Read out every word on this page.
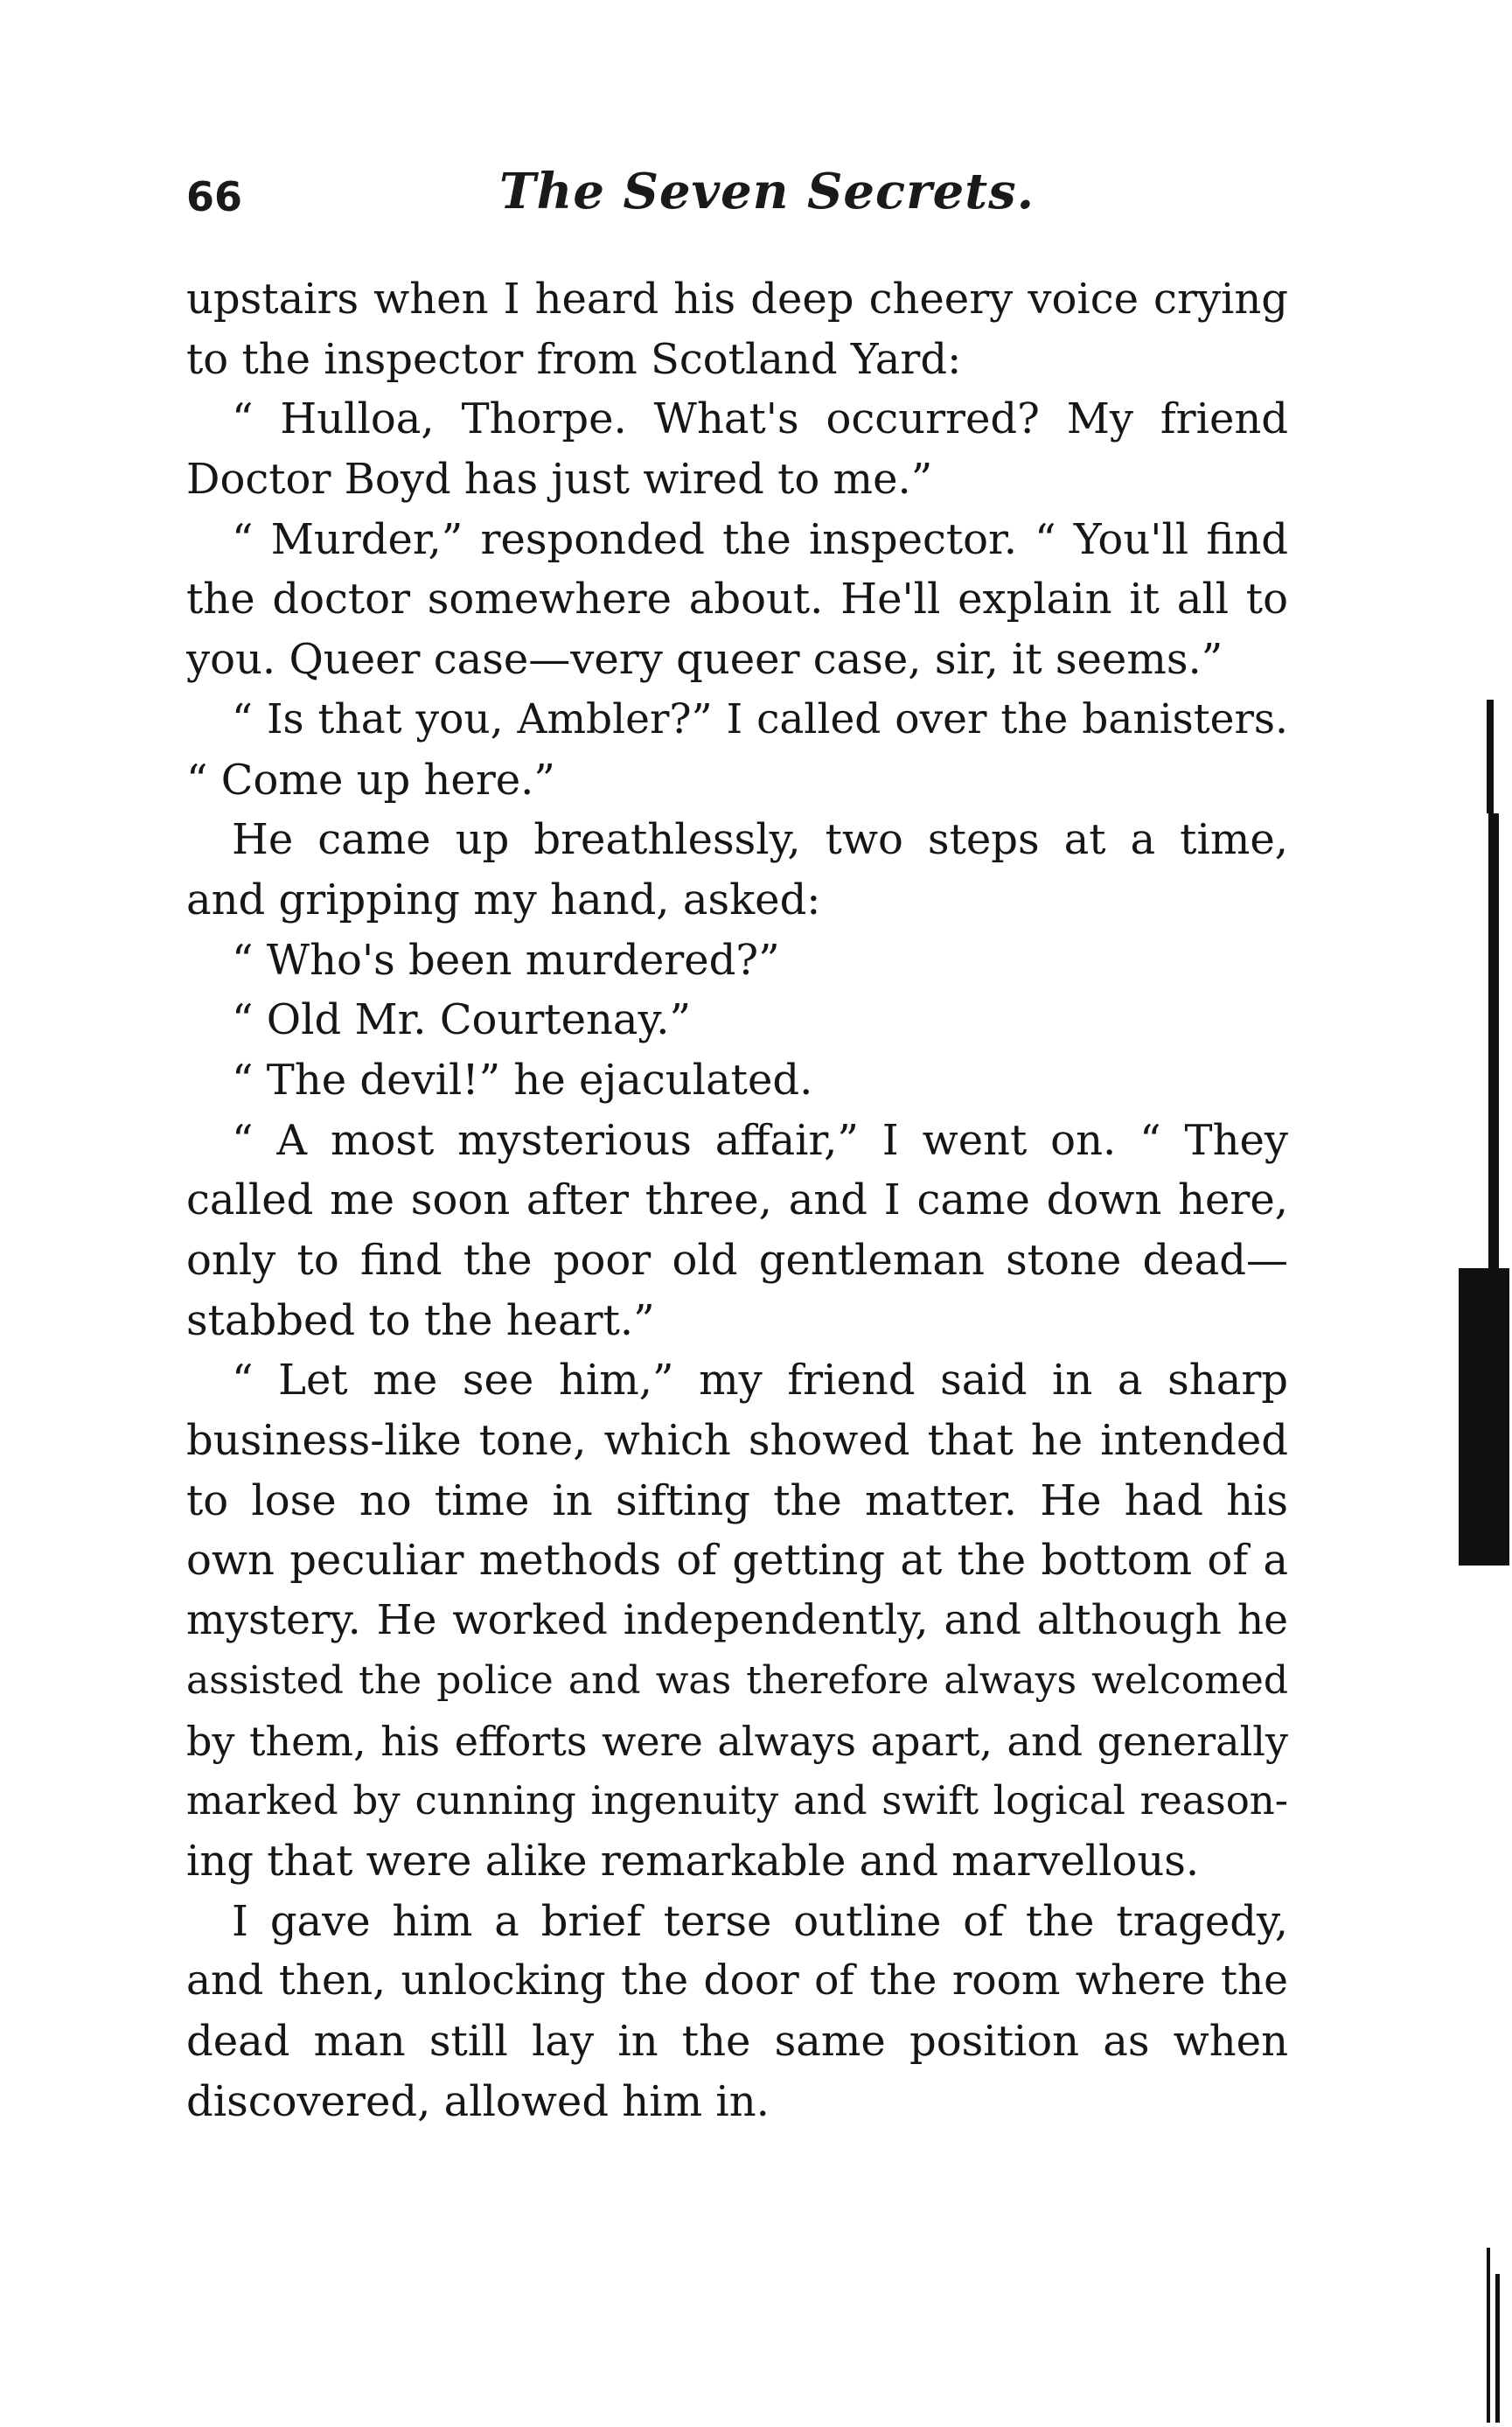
66	The Seven Secrets.
upstairs when I heard his deep cheery voice crying
to the inspector from Scotland Yard:
“ Hulloa, Thorpe. What's occurred? My friend
Doctor Boyd has just wired to me.”
“ Murder,” responded the inspector. “ You'll find
the doctor somewhere about. He'll explain it all to
you. Queer case—very queer case, sir, it seems.”
“ Is that you, Ambler?” I called over the banisters.
“ Come up here.”
He came up breathlessly, two steps at a time,
and gripping my hand, asked:
“ Who's been murdered?”
“ Old Mr. Courtenay.”
“ The devil!” he ejaculated.
“ A most mysterious affair,” I went on. “ They
called me soon after three, and I came down here,
only to find the poor old gentleman stone dead—
stabbed to the heart.”
“ Let me see him,” my friend said in a sharp
business-like tone, which showed that he intended
to lose no time in sifting the matter. He had his
own peculiar methods of getting at the bottom of a
mystery. He worked independently, and although he
assisted the police and was therefore always welcomed
by them, his efforts were always apart, and generally
marked by cunning ingenuity and swift logical reason-
ing that were alike remarkable and marvellous.
I gave him a brief terse outline of the tragedy,
and then, unlocking the door of the room where the
dead man still lay in the same position as when
discovered, allowed him in.
